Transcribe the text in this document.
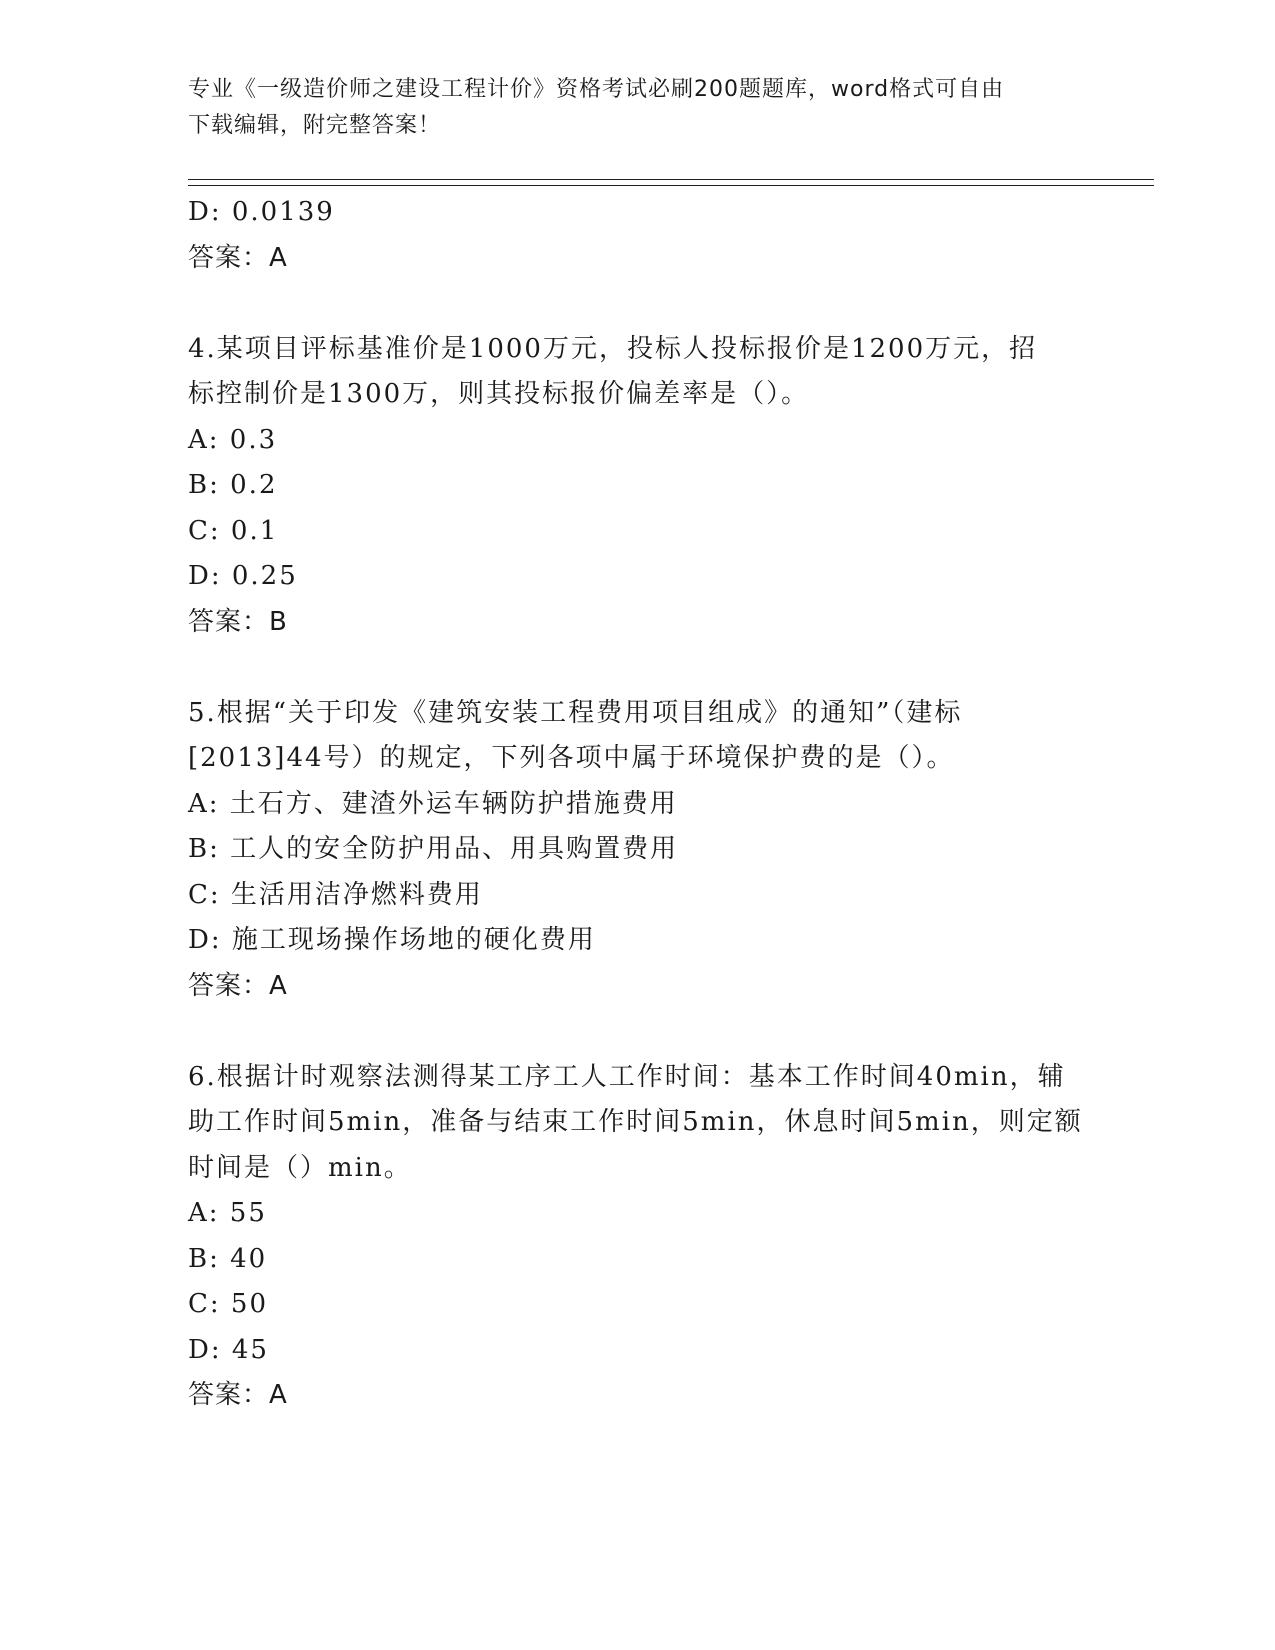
专业《一级造价师之建设工程计价》资格考试必刷200题题库，word格式可自由
下载编辑，附完整答案！
D: 0.0139
答案：A
4.某项目评标基准价是1000万元，投标人投标报价是1200万元，招
标控制价是1300万，则其投标报价偏差率是（）。
A: 0.3
B: 0.2
C: 0.1
D: 0.25
答案：B
5.根据“关于印发《建筑安装工程费用项目组成》的通知”（建标
[2013]44号）的规定，下列各项中属于环境保护费的是（）。
A: 土石方、建渣外运车辆防护措施费用
B: 工人的安全防护用品、用具购置费用
C: 生活用洁净燃料费用
D: 施工现场操作场地的硬化费用
答案：A
6.根据计时观察法测得某工序工人工作时间：基本工作时间40min，辅
助工作时间5min，准备与结束工作时间5min，休息时间5min，则定额
时间是（）min。
A: 55
B: 40
C: 50
D: 45
答案：A
